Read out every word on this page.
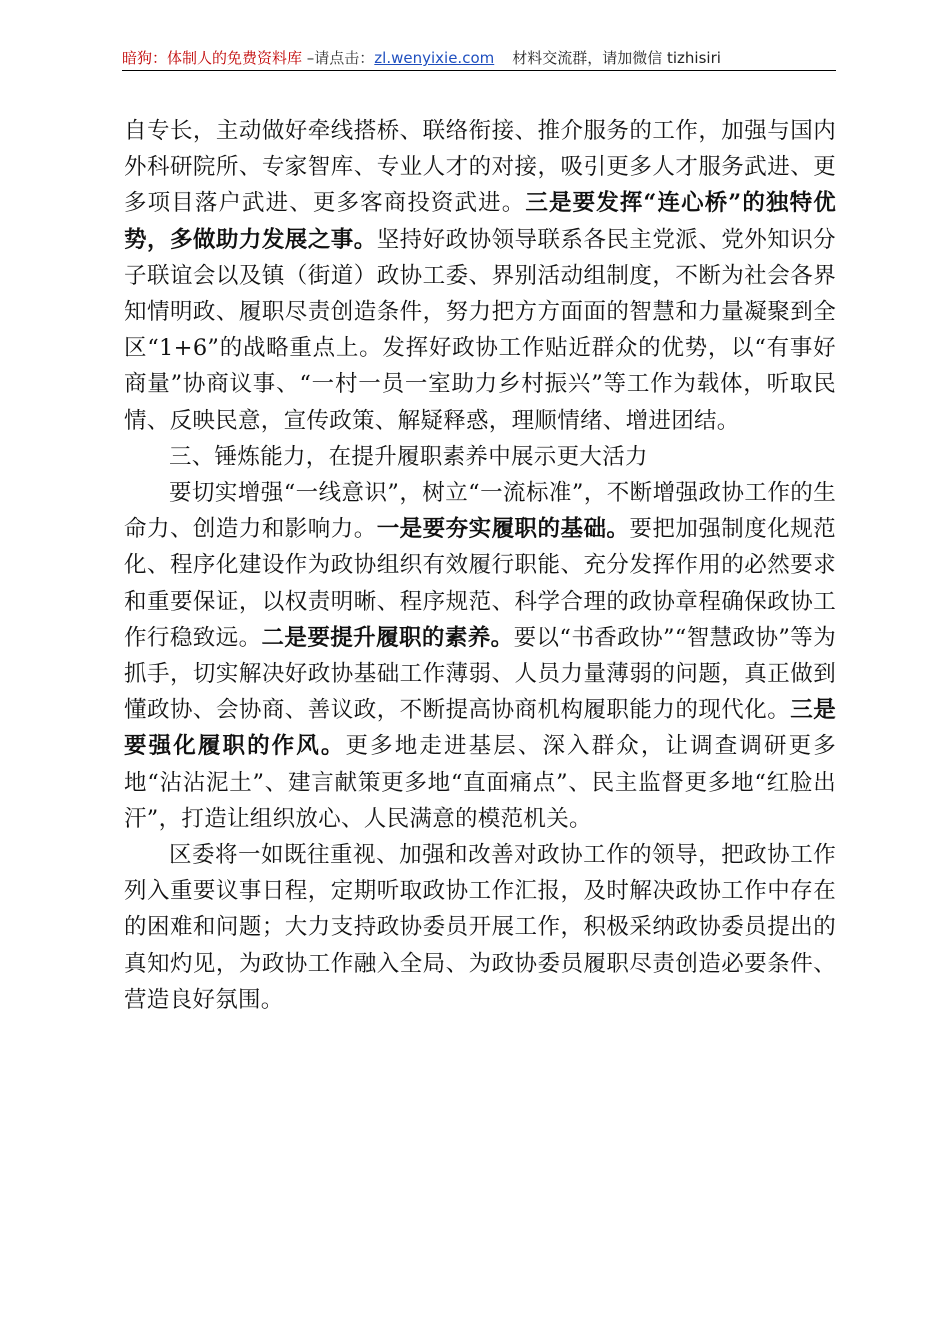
暗狗：体制人的免费资料库 –请点击：zl.wenyixie.com 材料交流群，请加微信 tizhisiri

自专长，主动做好牵线搭桥、联络衔接、推介服务的工作，加强与国内外科研院所、专家智库、专业人才的对接，吸引更多人才服务武进、更多项目落户武进、更多客商投资武进。三是要发挥“连心桥”的独特优势，多做助力发展之事。坚持好政协领导联系各民主党派、党外知识分子联谊会以及镇（街道）政协工委、界别活动组制度，不断为社会各界知情明政、履职尽责创造条件，努力把方方面面的智慧和力量凝聚到全区“1+6”的战略重点上。发挥好政协工作贴近群众的优势，以“有事好商量”协商议事、“一村一员一室助力乡村振兴”等工作为载体，听取民情、反映民意，宣传政策、解疑释惑，理顺情绪、增进团结。

三、锤炼能力，在提升履职素养中展示更大活力

要切实增强“一线意识”，树立“一流标准”，不断增强政协工作的生命力、创造力和影响力。一是要夯实履职的基础。要把加强制度化规范化、程序化建设作为政协组织有效履行职能、充分发挥作用的必然要求和重要保证，以权责明晰、程序规范、科学合理的政协章程确保政协工作行稳致远。二是要提升履职的素养。要以“书香政协”“智慧政协”等为抓手，切实解决好政协基础工作薄弱、人员力量薄弱的问题，真正做到懂政协、会协商、善议政，不断提高协商机构履职能力的现代化。三是要强化履职的作风。更多地走进基层、深入群众，让调查调研更多地“沾沾泥土”、建言献策更多地“直面痛点”、民主监督更多地“红脸出汗”，打造让组织放心、人民满意的模范机关。

区委将一如既往重视、加强和改善对政协工作的领导，把政协工作列入重要议事日程，定期听取政协工作汇报，及时解决政协工作中存在的困难和问题；大力支持政协委员开展工作，积极采纳政协委员提出的真知灼见，为政协工作融入全局、为政协委员履职尽责创造必要条件、营造良好氛围。
